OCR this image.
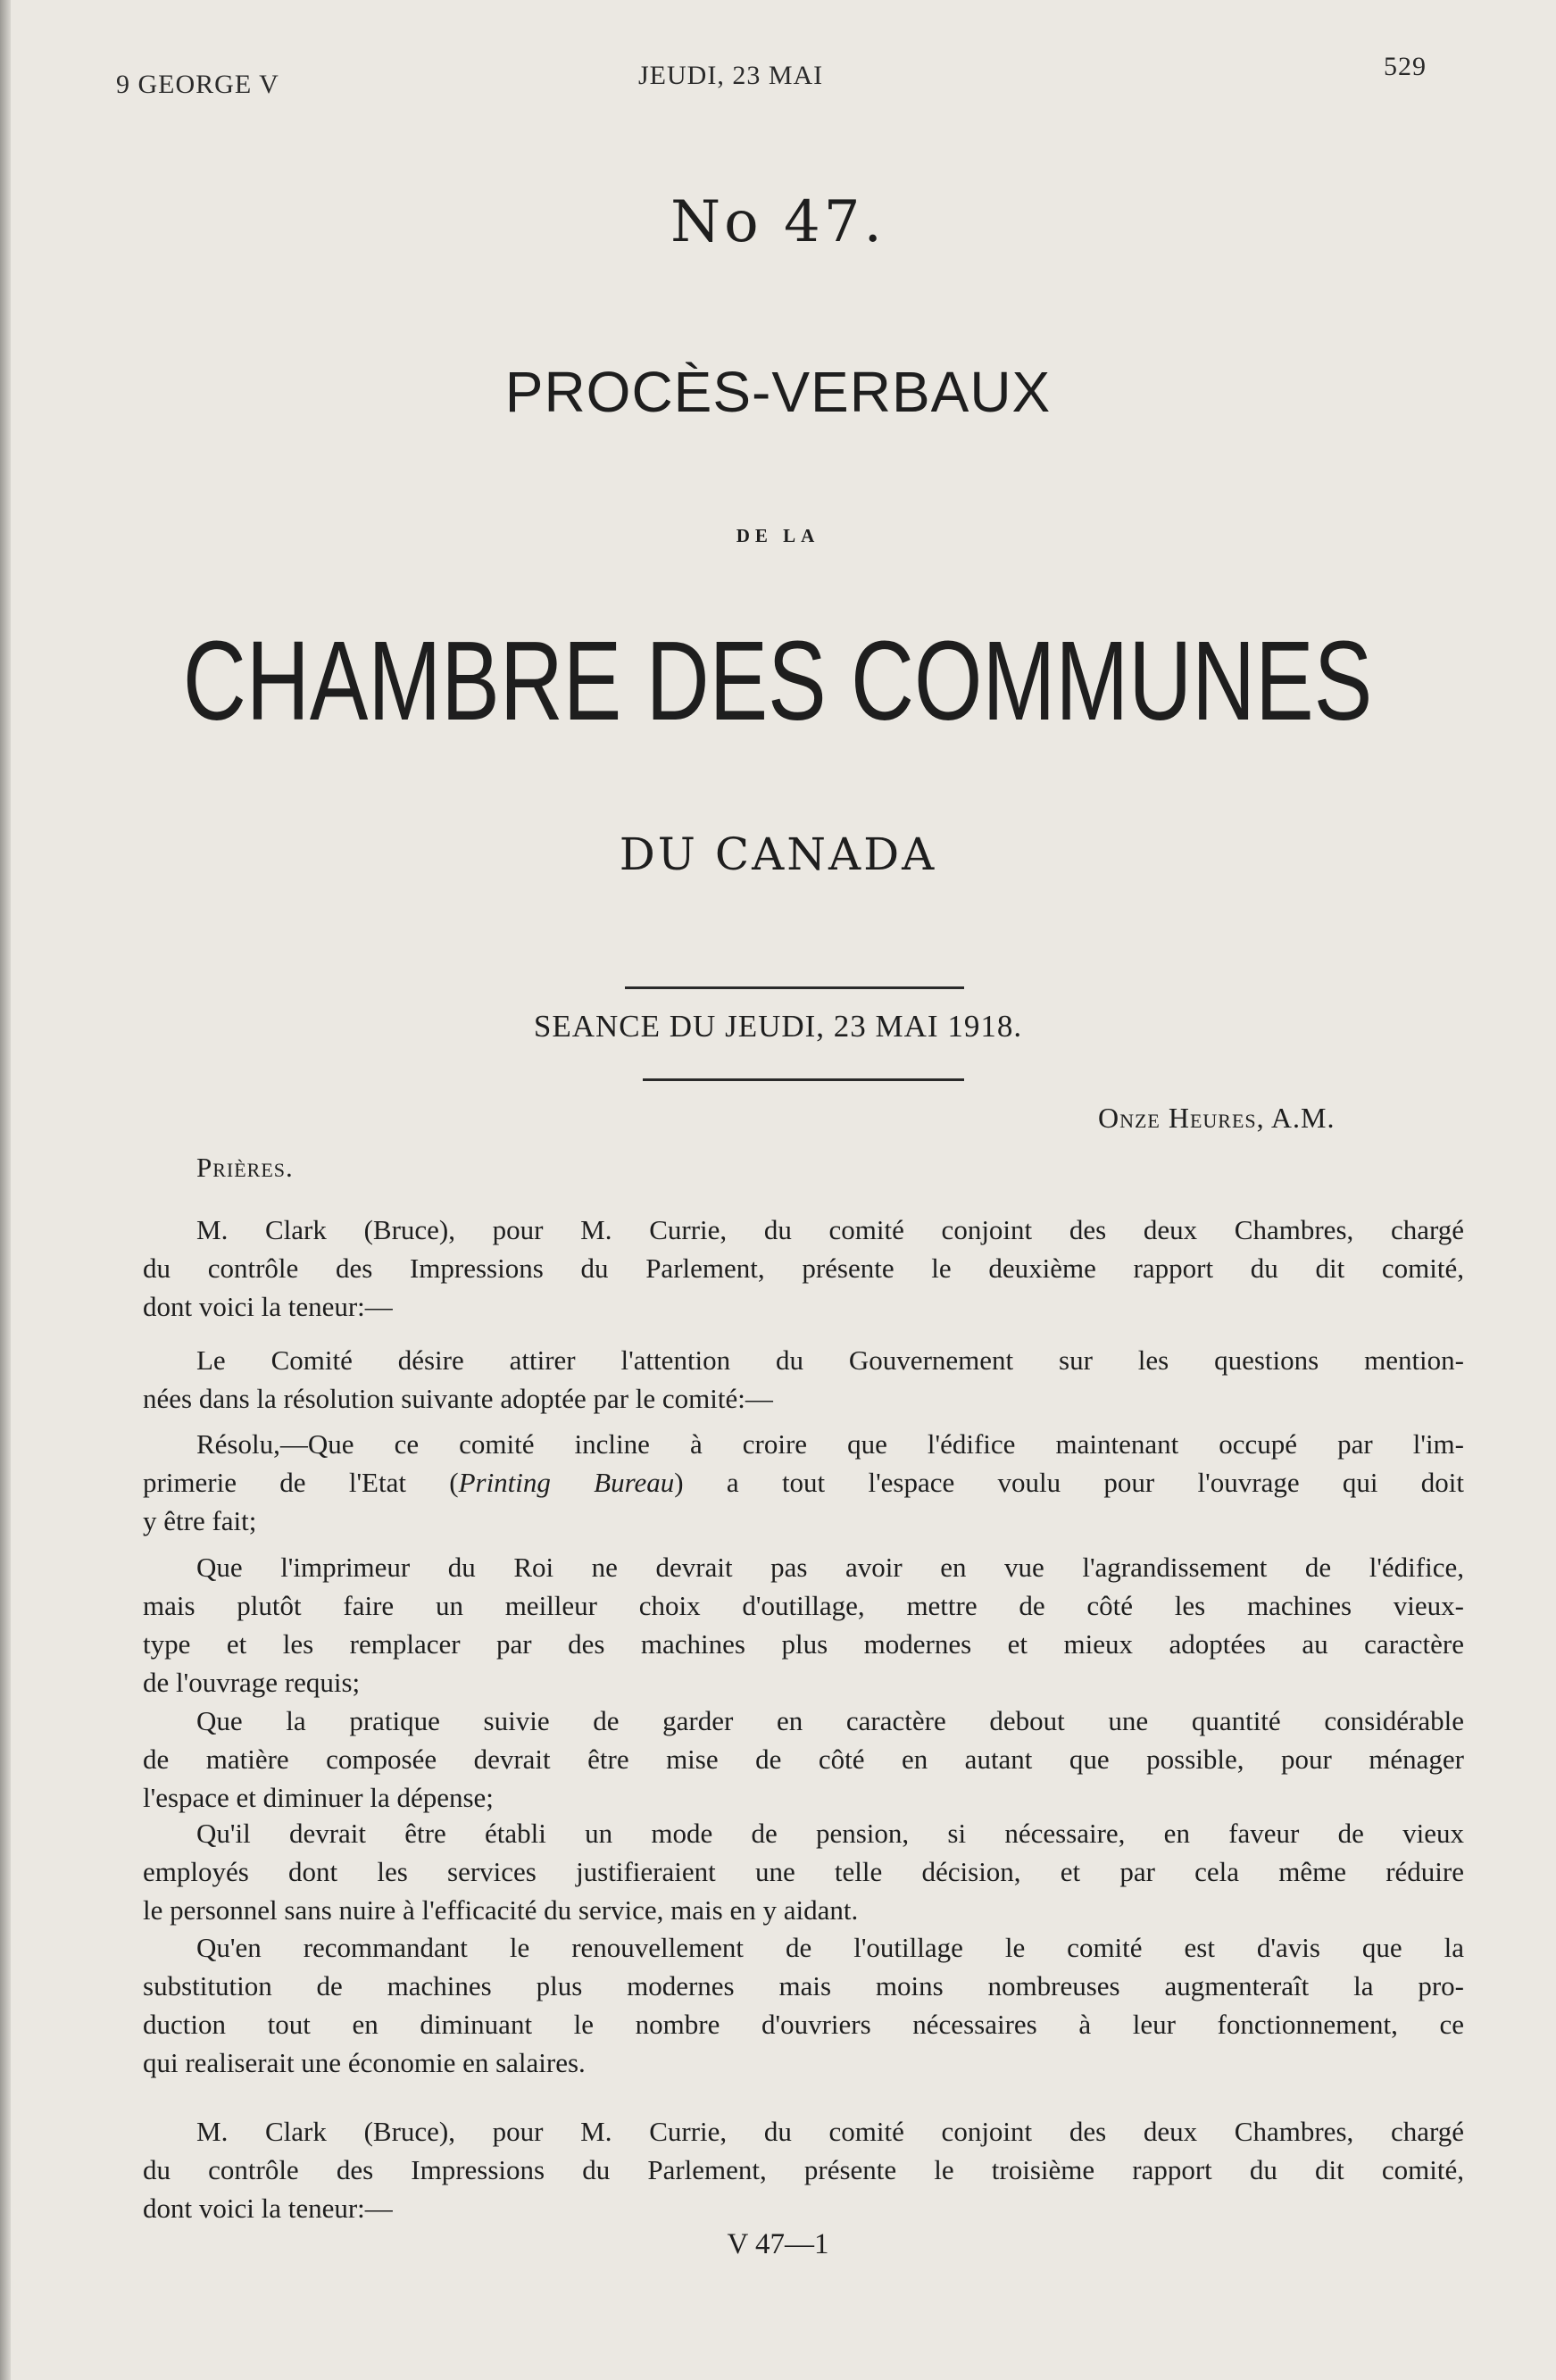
9 GEORGE V	JEUDI, 23 MAI	529
No 47.
PROCÈS-VERBAUX
DE LA
CHAMBRE DES COMMUNES
DU CANADA
SEANCE DU JEUDI, 23 MAI 1918.
Onze Heures, A.M.
Prières.
M. Clark (Bruce), pour M. Currie, du comité conjoint des deux Chambres, chargé
du contrôle des Impressions du Parlement, présente le deuxième rapport du dit comité,
dont voici la teneur:—
Le Comité désire attirer l'attention du Gouvernement sur les questions mention-
nées dans la résolution suivante adoptée par le comité:—
Résolu,—Que ce comité incline à croire que l'édifice maintenant occupé par l'im-
primerie de l'Etat (Printing Bureau) a tout l'espace voulu pour l'ouvrage qui doit
y être fait;
Que l'imprimeur du Roi ne devrait pas avoir en vue l'agrandissement de l'édifice,
mais plutôt faire un meilleur choix d'outillage, mettre de côté les machines vieux-
type et les remplacer par des machines plus modernes et mieux adoptées au caractère
de l'ouvrage requis;
Que la pratique suivie de garder en caractère debout une quantité considérable
de matière composée devrait être mise de côté en autant que possible, pour ménager
l'espace et diminuer la dépense;
Qu'il devrait être établi un mode de pension, si nécessaire, en faveur de vieux
employés dont les services justifieraient une telle décision, et par cela même réduire
le personnel sans nuire à l'efficacité du service, mais en y aidant.
Qu'en recommandant le renouvellement de l'outillage le comité est d'avis que la
substitution de machines plus modernes mais moins nombreuses augmenteraît la pro-
duction tout en diminuant le nombre d'ouvriers nécessaires à leur fonctionnement, ce
qui realiserait une économie en salaires.
M. Clark (Bruce), pour M. Currie, du comité conjoint des deux Chambres, chargé
du contrôle des Impressions du Parlement, présente le troisième rapport du dit comité,
dont voici la teneur:—
V 47—1
